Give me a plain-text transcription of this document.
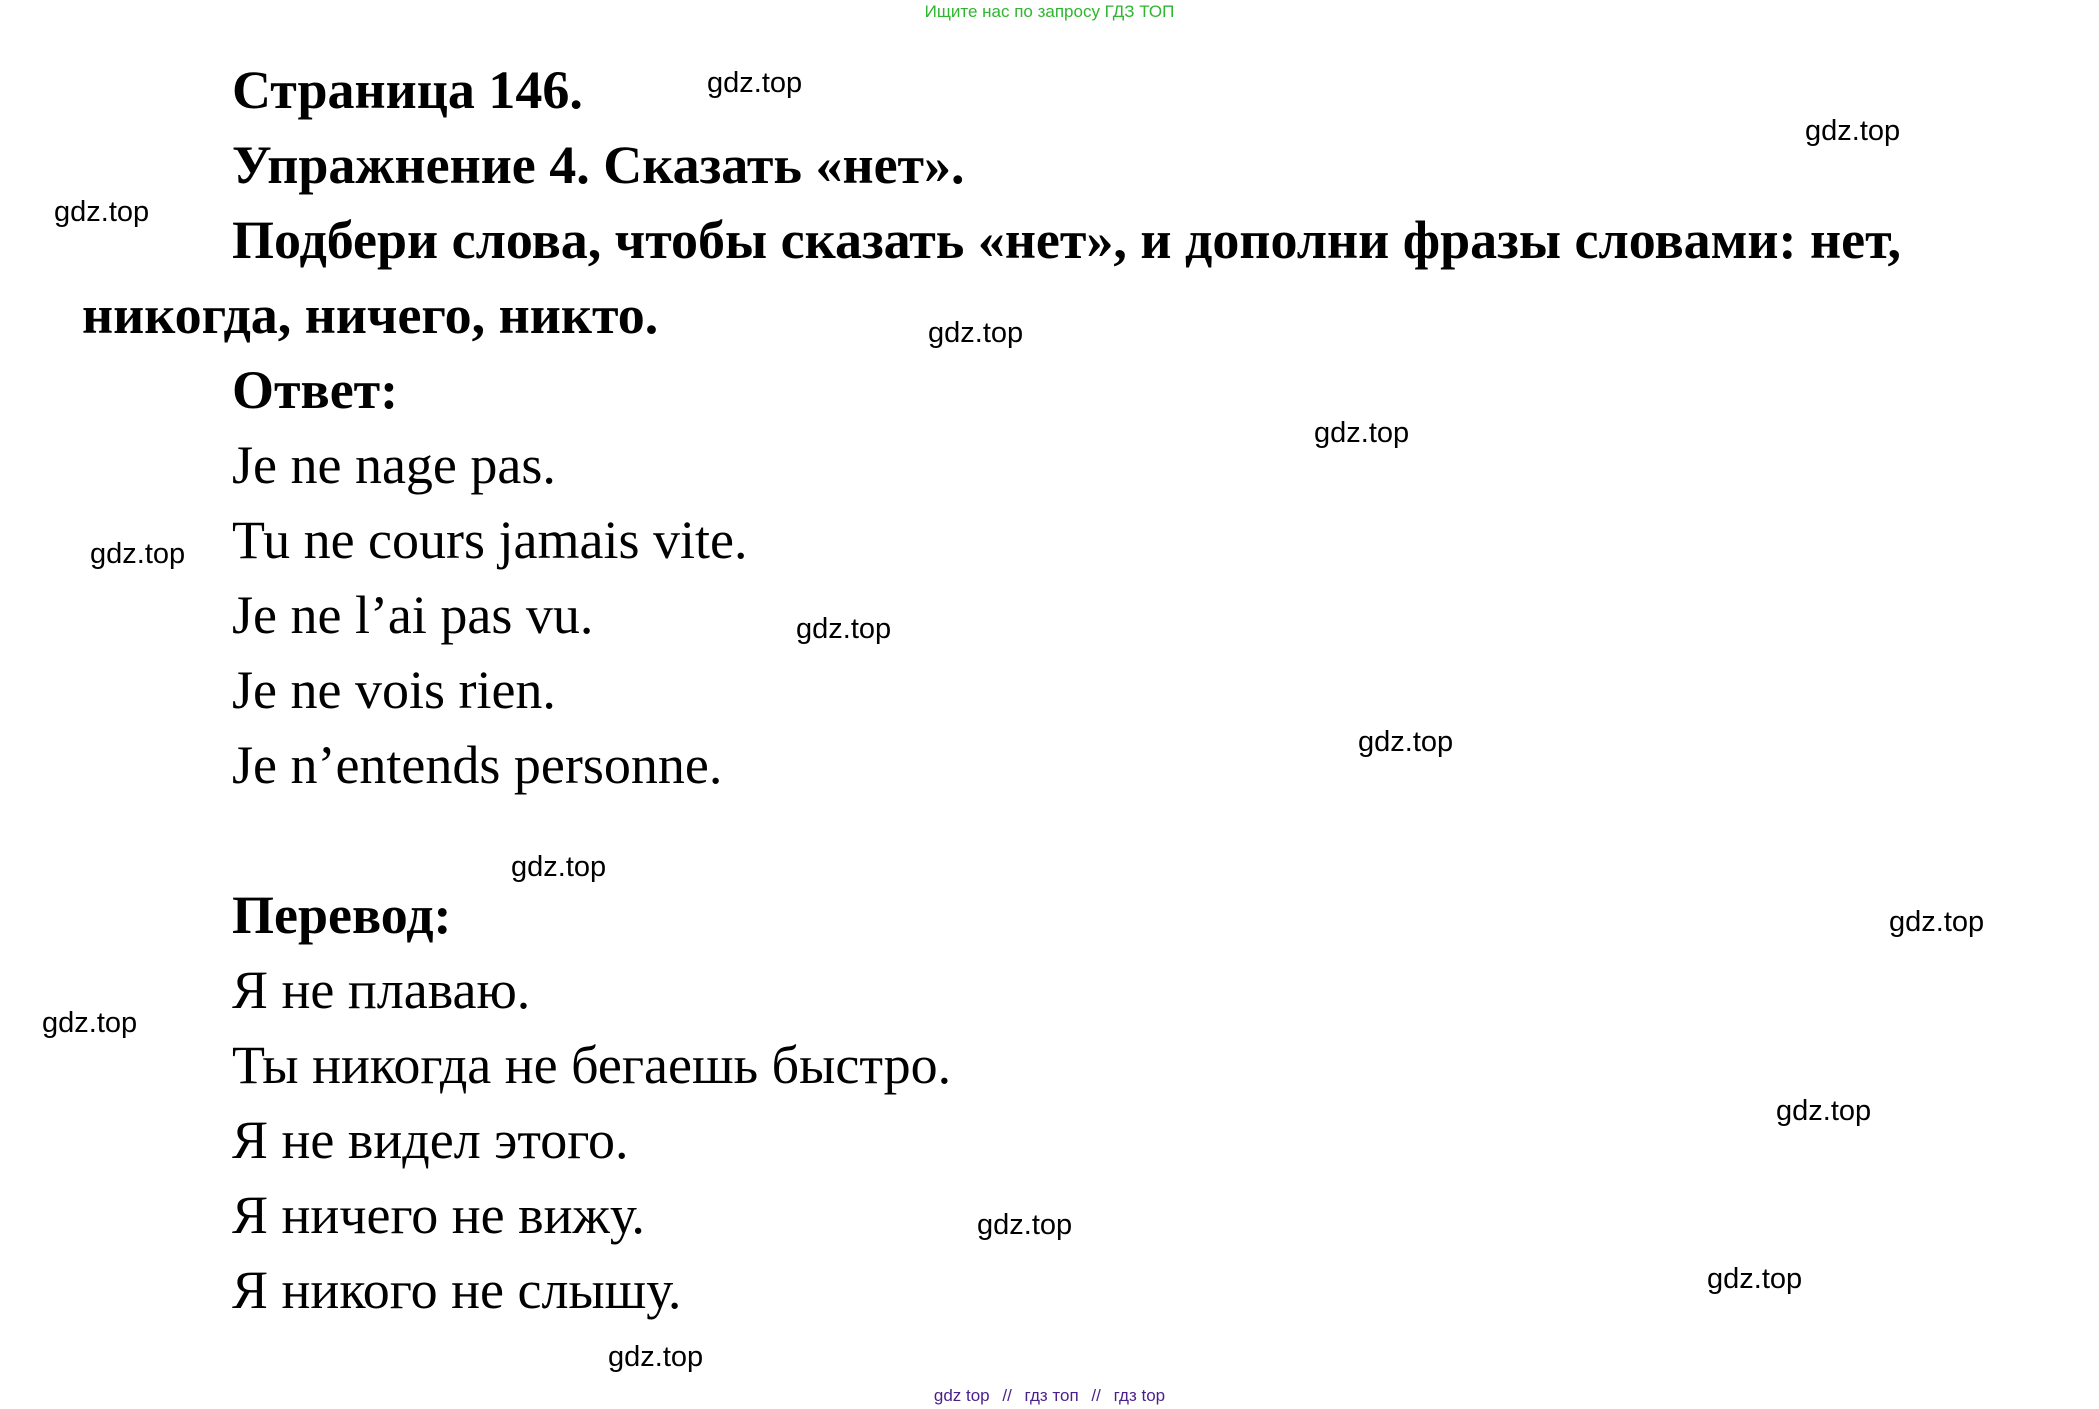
Ищите нас по запросу ГДЗ ТОП
Страница 146.
Упражнение 4. Сказать «нет».
Подбери слова, чтобы сказать «нет», и дополни фразы словами: нет,
никогда, ничего, никто.
Ответ:
Je ne nage pas.
Tu ne cours jamais vite.
Je ne l’ai pas vu.
Je ne vois rien.
Je n’entends personne.
Перевод:
Я не плаваю.
Ты никогда не бегаешь быстро.
Я не видел этого.
Я ничего не вижу.
Я никого не слышу.
gdz.top
gdz.top
gdz.top
gdz.top
gdz.top
gdz.top
gdz.top
gdz.top
gdz.top
gdz.top
gdz.top
gdz.top
gdz.top
gdz.top
gdz.top
gdz top // гдз топ // гдз top
